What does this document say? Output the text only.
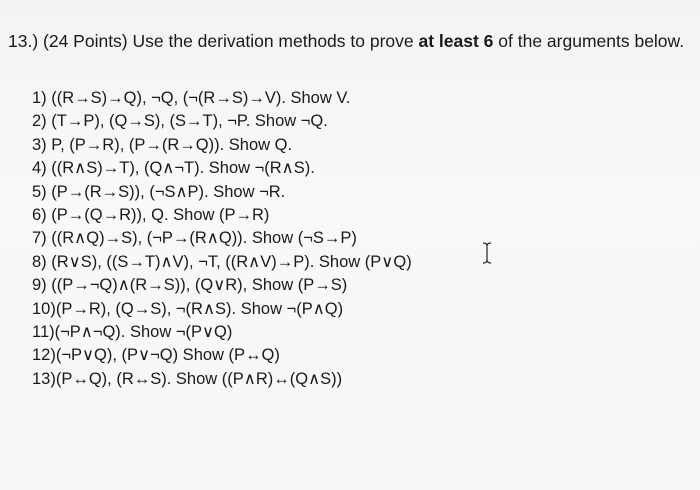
13.) (24 Points) Use the derivation methods to prove at least 6 of the arguments below.
1) ((R→S)→Q), ¬Q, (¬(R→S)→V). Show V.
2) (T→P), (Q→S), (S→T), ¬P. Show ¬Q.
3) P, (P→R), (P→(R→Q)). Show Q.
4) ((R∧S)→T), (Q∧¬T). Show ¬(R∧S).
5) (P→(R→S)), (¬S∧P). Show ¬R.
6) (P→(Q→R)), Q. Show (P→R)
7) ((R∧Q)→S), (¬P→(R∧Q)). Show (¬S→P)
8) (R∨S), ((S→T)∧V), ¬T, ((R∧V)→P). Show (P∨Q)
9) ((P→¬Q)∧(R→S)), (Q∨R), Show (P→S)
10)(P→R), (Q→S), ¬(R∧S). Show ¬(P∧Q)
11)(¬P∧¬Q). Show ¬(P∨Q)
12)(¬P∨Q), (P∨¬Q) Show (P↔Q)
13)(P↔Q), (R↔S). Show ((P∧R)↔(Q∧S))
